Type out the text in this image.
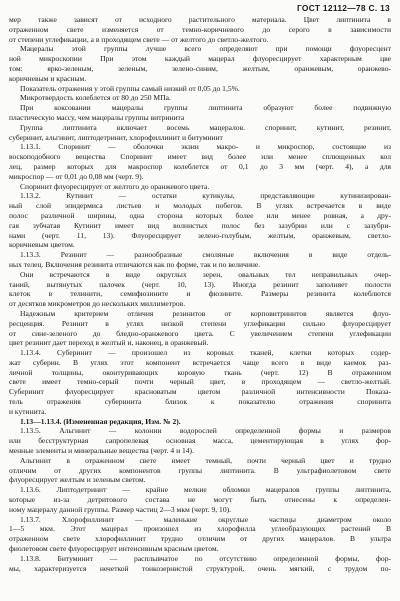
ГОСТ 12112—78 С. 13
мер также зависят от исходного растительного материала. Цвет липтинита в
отраженном свете изменяется от темно-коричневого до серого в зависимости
от степени углефикации, а в проходящем свете — от желтого до светло-желтого.
Мацералы этой группы лучше всего определяют при помощи флуоресцент
ной микроскопии При этом каждый мацерал флуоресцирует характерным цве
том: ярко-зеленым, зеленым, зелено-синим, желтым, оранжевым, оранжево-
коричневым и красным.
Показатель отражения у этой группы самый низкий от 0,05 до 1,5%.
Микротвердость колеблется от 80 до 250 МПа.
При коксовании мацералы группы липтинита образуют более подвижную
пластическую массу, чем мацералы группы витринита
Группа липтинита включает восемь мацералов. спориннт, кутинит, резинит,
суберинит, альгинит, липтодетринит, хлорофиллинит и битуминит
1.13.1. Споринит — оболочки экзин макро- и микроспор, состоящие из
воскоподобного вещества Споринит имеет вид более или менее сплющенных кол
лец, размер которых для макроспор колеблется от 0,1 до 3 мм (черт. 4), а для
микроспор — от 0,01 до 0,08 мм (черт. 9).
Споринит флуоресцирует от желтого до оранжевого цвета.
1.13.2. Кутинит — остатки кутикулы, представляющие кутинизирован-
ный слой эпидермиса листьев и молодых побегов. В углях встречается в виде
полос различной ширины, одна сторона которых более или менее ровная, а дру-
гая зубчатая Кутинит имеет вид волнистых полос без зазубрин или с зазубри-
нами (черт. 11, 13). Флуоресцирует зелено-голубым, желтым, оранжевым, светло-
коричневым цветом.
1.13.3. Резинит — разнообразные смоляные включения в виде отдель-
ных телец. Включения резинита отличаются как по форме, так и по величине.
Они встречаются в виде округлых зерен, овальных тел неправильных очер-
таний, вытянутых палочек (черт. 10, 13). Иногда резинит заполняет полости
клеток в телинити, семифюзините и фюзините. Размеры резинита колеблются
от десятков микрометров до нескольких миллиметров.
Надежным критерием отличия резинитов от корповитринитов является флуо-
ресценция. Резинит в углях низкой степени углефикации сильно флуоресцирует
от сине-зеленого до бледно-оранжевого цвета. С увеличением степени углефикации
цвет резинит дает переход в желтый и, наконец, в оранжевый.
1.13.4. Суберинит — произошел из коровых тканей, клетки которых содер-
жат суберин. В углях этот компонент встречается чаще всего в виде каемок раз-
личной толщины, оконтуривающих коровую ткань (черт. 12) В отраженном
свете имеет темно-серый почти черный цвет, в проходящем — светло-желтый.
Суберинит флуоресцирует красноватым цветом различной интенсивности Показа-
тель отражения суберинита близок к показателю отражения споринита
и кутинита.
1.13—1.13.4. (Измененная редакция, Изм. № 2).
1.13.5. Альгинит — колонии водорослей определенной формы и размеров
или бесструктурная сапропелевая основная масса, цементирующая в углях фор-
менные элементы и минеральные вещества (черт. 4 и 14).
Альгинит в отраженном свете имеет темный, почти черный цвет и трудно
отличим от других компонентов группы липтинита. В ультрафиолетовом свете
флуоресцирует желтым и зеленым светом.
1.13.6. Липтодетринит — крайне мелкие обломки мацералов группы липтинита,
которые из-за детритового состава не могут быть отнесены к определен-
ному мацералу данной группы. Размер частиц 2—3 мкм (черт. 9, 10).
1.13.7. Хлорофиллинит — маленькие округлые частицы диаметром около
1—5 мкм. Этот мацерал произошел из хлорофилла углеобразующих растений В
отраженном свете хлорофиллинит трудно отличим от других мацералов. В ультра
фиолетовом свете флуоресцирует интенсивным красным цветом.
1.13.8. Битуминит — расплывчатое по отсутствию определенной формы, фор-
мы, характеризуется нечеткой тонкозернистой структурой, очень мягкий, с трудом по-
